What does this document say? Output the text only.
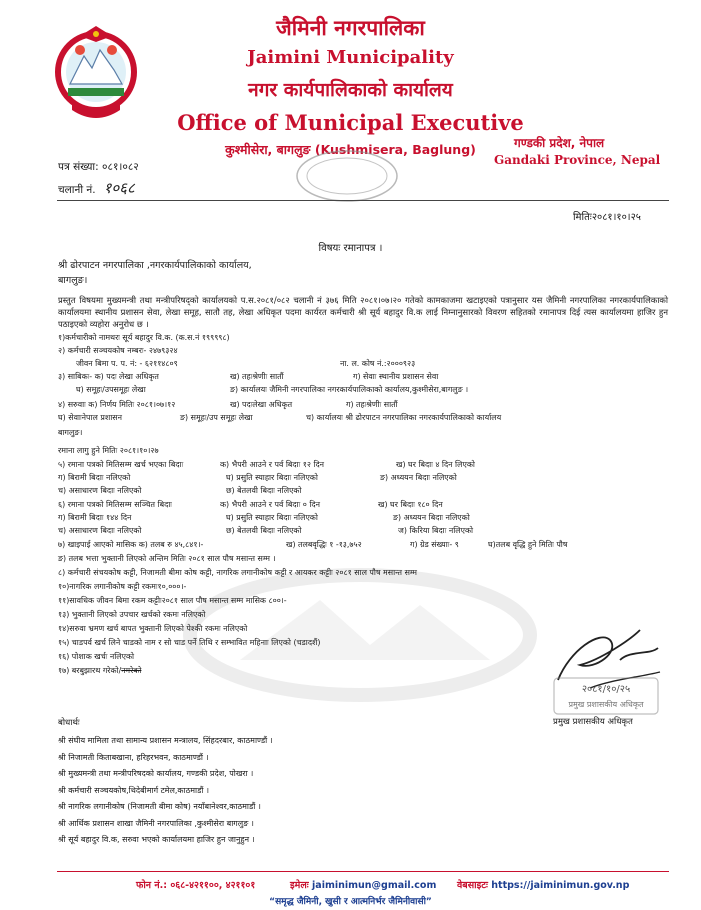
जैमिनी नगरपालिका
Jaimini Municipality
नगर कार्यपालिकाको कार्यालय
Office of Municipal Executive
कुश्मीसेरा, बागलुङ (Kushmisera, Baglung)	गण्डकी प्रदेश, नेपाल
Gandaki Province, Nepal
पत्र संख्या: ०८१।०८२
चलानी नं. १०६८
मितिः२०८१।१०।२५
विषयः रमानापत्र ।
श्री ढोरपाटन नगरपालिका ,नगरकार्यपालिकाको कार्यालय,
बागलुङ।
प्रस्तुत विषयमा मुख्यमन्त्री तथा मन्त्रीपरिषद्को कार्यालयको प.स.२०८१/०८२ चलानी नं ३७६ मिति २०८१।०७।२० गतेको कामकाजमा खटाइएको पत्रानुसार यस जैमिनी नगरपालिका नगरकार्यपालिकाको कार्यालयमा स्थानीय प्रशासन सेवा, लेखा समूह, सातौ तह, लेखा अधिकृत पदमा कार्यरत कर्मचारी श्री सूर्य बहादुर वि.क लाई निम्नानुसारको विवरण सहितको रमानापत्र दिई त्यस कार्यालयमा हाजिर हुन पठाइएको व्यहोरा अनुरोध छ ।
१)कर्मचारीको नामथरः सूर्य बहादुर वि.क. (क.स.नं १९९९९८)
२) कर्मचारी सञ्चयकोष नम्बरः- २४७९३२४
जीवन बिमा प. प. नं: - ६२११४८०९	ना. ल. कोष नं.:२०००९२३
३) साबिकः- क) पदः लेखा अधिकृत	ख) तहःश्रेणीः सातौं	ग) सेवाः स्थानीय प्रशासन सेवा
घ) समूहः/उपसमूहः लेखा	ङ) कार्यालयः जैमिनी नगरपालिका नगरकार्यपालिकाको कार्यालय,कुश्मीसेरा,बागलुङ ।
४) सरुवाः क) निर्णय मितिः २०८१।०७।१२	ख) पदःलेखा अधिकृत	ग) तहःश्रेणीः सातौं
घ) सेवाःनेपाल प्रशासन	ङ) समूहः/उप समूहः लेखा	च) कार्यालयः श्री ढोरपाटन नगरपालिका नगरकार्यपालिकाको कार्यालय
बागलुङ।
रमाना लागु हुने मितिः २०८१।१०।२७
५) रमाना पत्रको मितिसम्म खर्च भएका बिदाः	क) भैपरी आउने र पर्व बिदाः १२ दिन	ख) घर बिदाः ४ दिन लिएको
ग) बिरामी बिदाः नलिएको	घ) प्रसुति स्याहार बिदाः नलिएको	ङ) अध्ययन बिदाः नलिएको
च) असाधारण बिदाः नलिएको	छ) बेतलवी बिदाः नलिएको
६) रमाना पत्रको मितिसम्म सञ्चित बिदाः	क) भैपरी आउने र पर्व बिदाः ० दिन	ख) घर बिदाः १८० दिन
ग) बिरामी बिदाः १४४ दिन	घ) प्रसुति स्याहार बिदाः नलिएको	ङ) अध्ययन बिदाः नलिएको
च) असाधारण बिदाः नलिएको	छ) बेतलवी बिदाः नलिएको	ज) किरिया बिदाः नलिएको
७) खाइपाई आएको मासिक क) तलब रु ४५,८४१।-	ख) तलबवृद्धिः १ -१३,७५२	ग) ग्रेड संख्याः- ९	घ)तलब वृद्धि हुने मितिः पौष
ङ) तलब भत्ता भुक्तानी लिएको अन्तिम मितिः २०८१ साल पौष मसान्त सम्म ।
८) कर्मचारी संचयकोष कट्टी, निजामती बीमा कोष कट्टी, नागरिक लगानीकोष कट्टी र आयकर कट्टीः २०८१ साल पौष मसान्त सम्म
१०)नागरिक लगानीकोष कट्टी रकमः१०,०००।-
११)सावधिक जीवन बिमा रकम कट्टीः२०८१ साल पौष मसान्त सम्म मासिक ८००।-
१३) भुक्तानी लिएको उपचार खर्चको रकमः नलिएको
१४)सरुवा भ्रमण खर्च बापत भुक्तानी लिएको पेश्की रकमः नलिएको
१५) चाडपर्व खर्च लिने चाडको नाम र सो चाड पर्ने तिथि र सम्भावित महिनाः लिएको (चडादशैं)
१६) पोशाक खर्चः नलिएको
१७) बरबुझारथ गरेको/नगरेको
२०८१/१०/२५
प्रमुख प्रशासकीय अधिकृत
प्रमुख प्रशासकीय अधिकृत
बोधार्थः
श्री संघीय मामिला तथा सामान्य प्रशासन मन्त्रालय, सिंहदरबार, काठमाण्डौं ।
श्री निजामती किताबखाना, हरिहरभवन, काठमाण्डौं ।
श्री मुख्यमन्त्री तथा मन्त्रीपरिषदको कार्यालय, गण्डकी प्रदेश, पोखरा ।
श्री कर्मचारी सञ्चयकोष,थिदेबीमार्ग टमेल,काठमाडौं ।
श्री नागरिक लगानीकोष (निजामती बीमा कोष) नयाँबानेश्वर,काठमाडौं ।
श्री आर्थिक प्रशासन शाखा जैमिनी नगरपालिका ,कुश्मीसेरा बागलुङ ।
श्री सूर्य बहादुर वि.क, सरुवा भएको कार्यालयमा हाजिर हुन जानुहुन ।
फोन नं.: ०६८-४२११००, ४२११०१	इमेलः jaiminimun@gmail.com वेबसाइटः https://jaiminimun.gov.np
“समृद्ध जैमिनी, खुसी र आत्मनिर्भर जैमिनीवासी”
